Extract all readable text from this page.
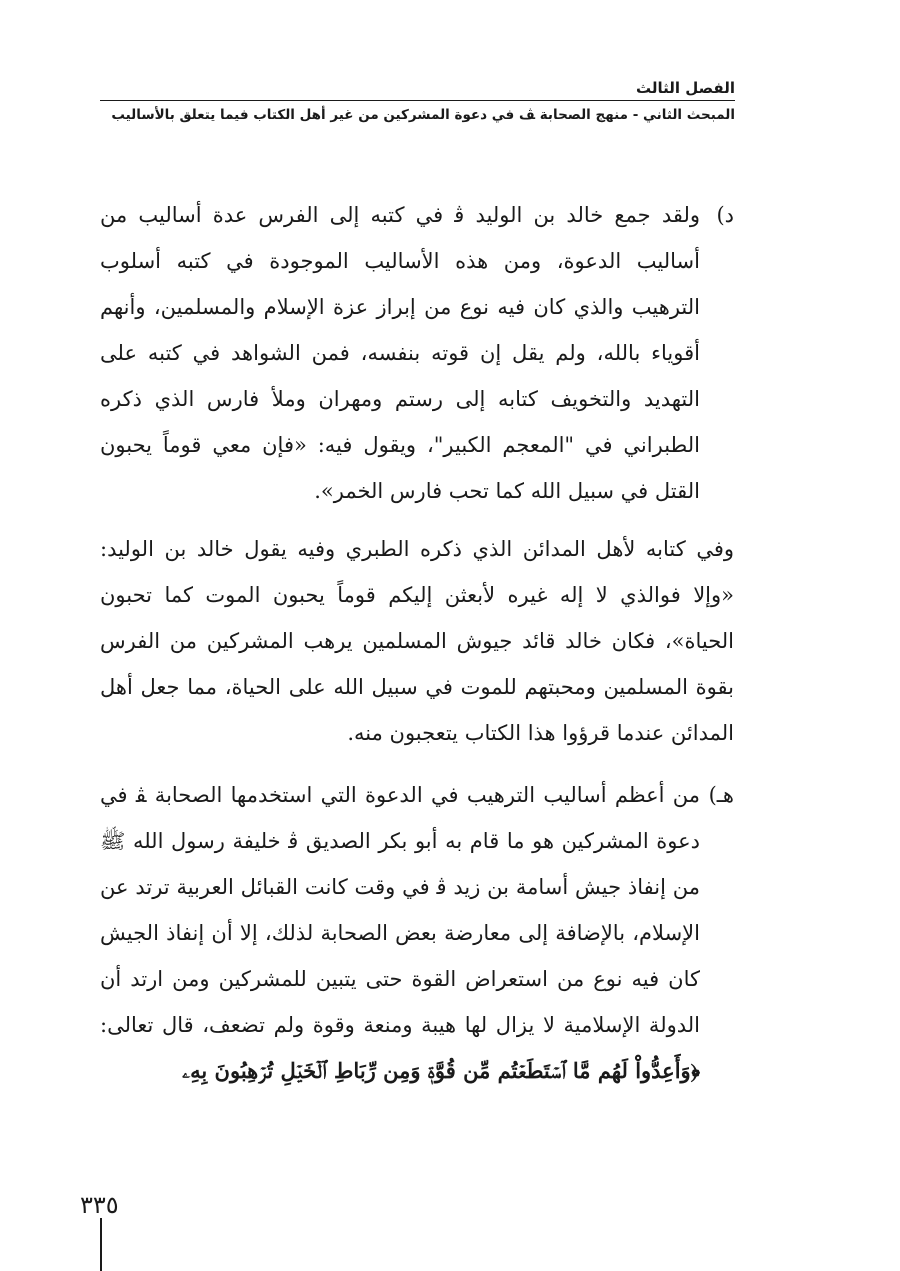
الفصل الثالث
المبحث الثاني - منهج الصحابة ﭫ في دعوة المشركين من غير أهل الكتاب فيما يتعلق بالأساليب
د)
ولقد جمع خالد بن الوليد ﭬ في كتبه إلى الفرس عدة أساليب من أساليب الدعوة، ومن هذه الأساليب الموجودة في كتبه أسلوب الترهيب والذي كان فيه نوع من إبراز عزة الإسلام والمسلمين، وأنهم أقوياء بالله، ولم يقل إن قوته بنفسه، فمن الشواهد في كتبه على التهديد والتخويف كتابه إلى رستم ومهران وملأ فارس الذي ذكره الطبراني في "المعجم الكبير"، ويقول فيه: «فإن معي قوماً يحبون القتل في سبيل الله كما تحب فارس الخمر».
وفي كتابه لأهل المدائن الذي ذكره الطبري وفيه يقول خالد بن الوليد: «وإلا فوالذي لا إله غيره لأبعثن إليكم قوماً يحبون الموت كما تحبون الحياة»، فكان خالد قائد جيوش المسلمين يرهب المشركين من الفرس بقوة المسلمين ومحبتهم للموت في سبيل الله على الحياة، مما جعل أهل المدائن عندما قرؤوا هذا الكتاب يتعجبون منه.
هـ)
من أعظم أساليب الترهيب في الدعوة التي استخدمها الصحابة ﭭ في دعوة المشركين هو ما قام به أبو بكر الصديق ﭬ خليفة رسول الله ﷺ من إنفاذ جيش أسامة بن زيد ﭬ في وقت كانت القبائل العربية ترتد عن الإسلام، بالإضافة إلى معارضة بعض الصحابة لذلك، إلا أن إنفاذ الجيش كان فيه نوع من استعراض القوة حتى يتبين للمشركين ومن ارتد أن الدولة الإسلامية لا يزال لها هيبة ومنعة وقوة ولم تضعف، قال تعالى: ﴿وَأَعِدُّواْ لَهُم مَّا ٱسۡتَطَعۡتُم مِّن قُوَّةٖ وَمِن رِّبَاطِ ٱلۡخَيۡلِ تُرۡهِبُونَ بِهِۦ
٣٣٥
